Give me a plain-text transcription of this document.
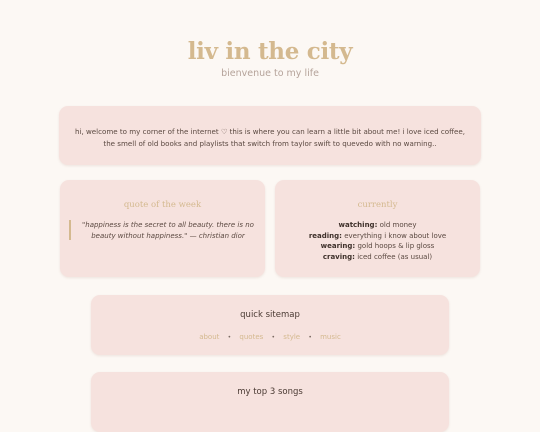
liv in the city
bienvenue to my life

hi, welcome to my corner of the internet ♡ this is where you can learn a little bit about me! i love iced coffee, the smell of old books and playlists that switch from taylor swift to quevedo with no warning..

quote of the week
"happiness is the secret to all beauty. there is no beauty without happiness." — christian dior
currently
watching: old money
reading: everything i know about love
wearing: gold hoops & lip gloss
craving: iced coffee (as usual)
quick sitemap
about • quotes • style • music
my top 3 songs
